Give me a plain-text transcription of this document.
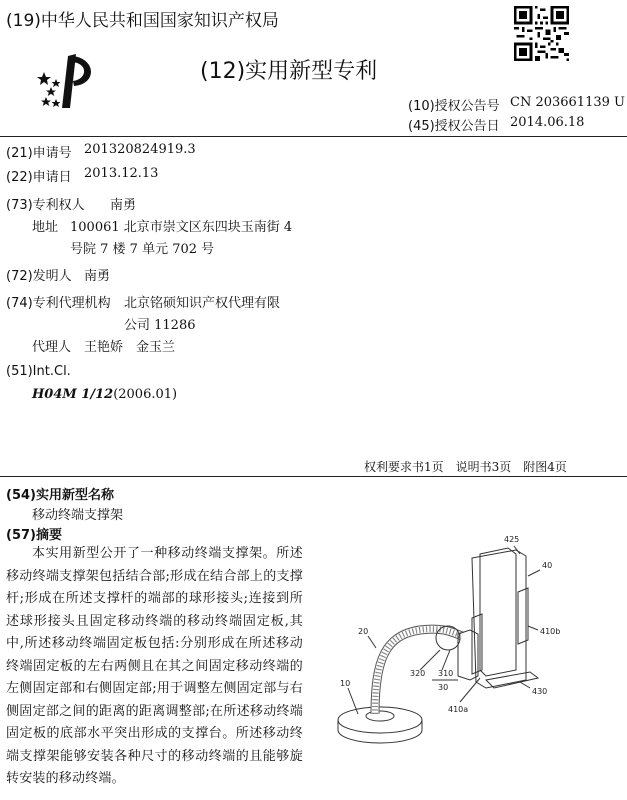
(19)中华人民共和国国家知识产权局
(12)实用新型专利
(10)授权公告号 CN 203661139 U
(45)授权公告日 2014.06.18
(21)申请号 201320824919.3
(22)申请日 2013.12.13
(73)专利权人 南勇
地址 100061 北京市崇文区东四块玉南街 4
号院 7 楼 7 单元 702 号
(72)发明人 南勇
(74)专利代理机构 北京铭硕知识产权代理有限
公司 11286
代理人 王艳娇　金玉兰
(51)Int.Cl.
H04M 1/12(2006.01)
权利要求书1页　说明书3页　附图4页
(54)实用新型名称
移动终端支撑架
(57)摘要
本实用新型公开了一种移动终端支撑架。所述移动终端支撑架包括结合部;形成在结合部上的支撑杆;形成在所述支撑杆的端部的球形接头;连接到所述球形接头且固定移动终端的移动终端固定板,其中,所述移动终端固定板包括:分别形成在所述移动终端固定板的左右两侧且在其之间固定移动终端的左侧固定部和右侧固定部;用于调整左侧固定部与右侧固定部之间的距离的距离调整部;在所述移动终端固定板的底部水平突出形成的支撑台。所述移动终端支撑架能够安装各种尺寸的移动终端的且能够旋转安装的移动终端。
425
40
20	410b
320 310
30
10
430
410a
